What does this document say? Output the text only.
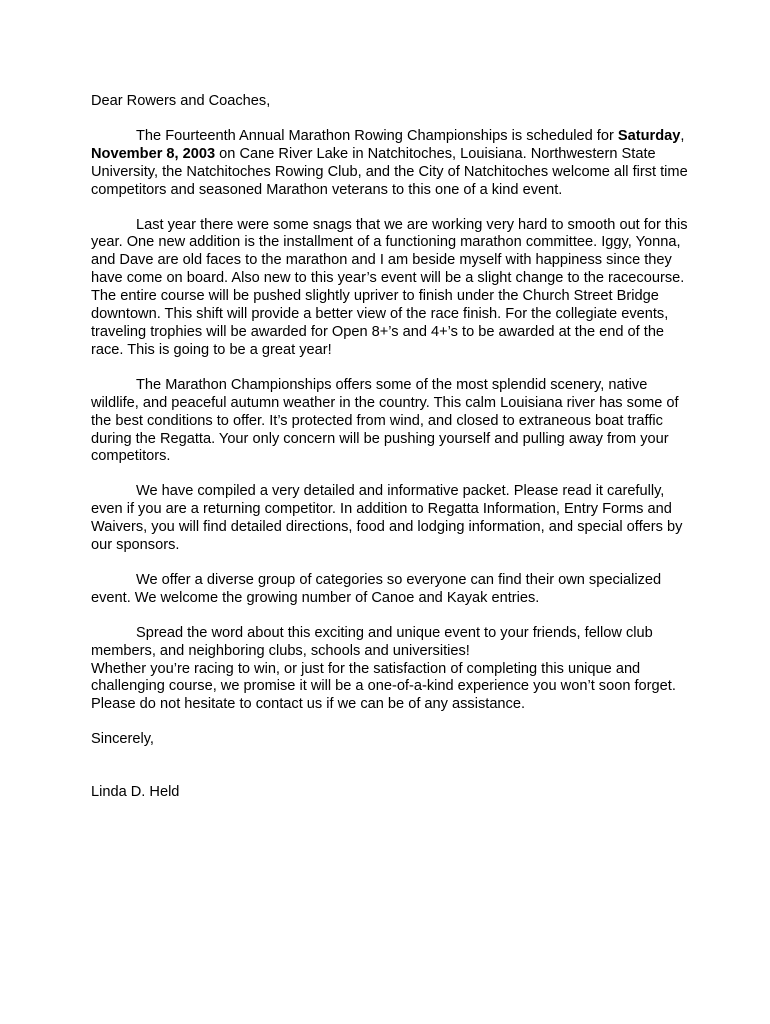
Dear Rowers and Coaches,
The Fourteenth Annual Marathon Rowing Championships is scheduled for Saturday, November 8, 2003 on Cane River Lake in Natchitoches, Louisiana. Northwestern State University, the Natchitoches Rowing Club, and the City of Natchitoches welcome all first time competitors and seasoned Marathon veterans to this one of a kind event.
Last year there were some snags that we are working very hard to smooth out for this year. One new addition is the installment of a functioning marathon committee. Iggy, Yonna, and Dave are old faces to the marathon and I am beside myself with happiness since they have come on board. Also new to this year’s event will be a slight change to the racecourse. The entire course will be pushed slightly upriver to finish under the Church Street Bridge downtown. This shift will provide a better view of the race finish. For the collegiate events, traveling trophies will be awarded for Open 8+’s and 4+’s to be awarded at the end of the race. This is going to be a great year!
The Marathon Championships offers some of the most splendid scenery, native wildlife, and peaceful autumn weather in the country. This calm Louisiana river has some of the best conditions to offer. It’s protected from wind, and closed to extraneous boat traffic during the Regatta. Your only concern will be pushing yourself and pulling away from your competitors.
We have compiled a very detailed and informative packet. Please read it carefully, even if you are a returning competitor. In addition to Regatta Information, Entry Forms and Waivers, you will find detailed directions, food and lodging information, and special offers by our sponsors.
We offer a diverse group of categories so everyone can find their own specialized event. We welcome the growing number of Canoe and Kayak entries.
Spread the word about this exciting and unique event to your friends, fellow club members, and neighboring clubs, schools and universities!
Whether you’re racing to win, or just for the satisfaction of completing this unique and challenging course, we promise it will be a one-of-a-kind experience you won’t soon forget. Please do not hesitate to contact us if we can be of any assistance.
Sincerely,
Linda D. Held
